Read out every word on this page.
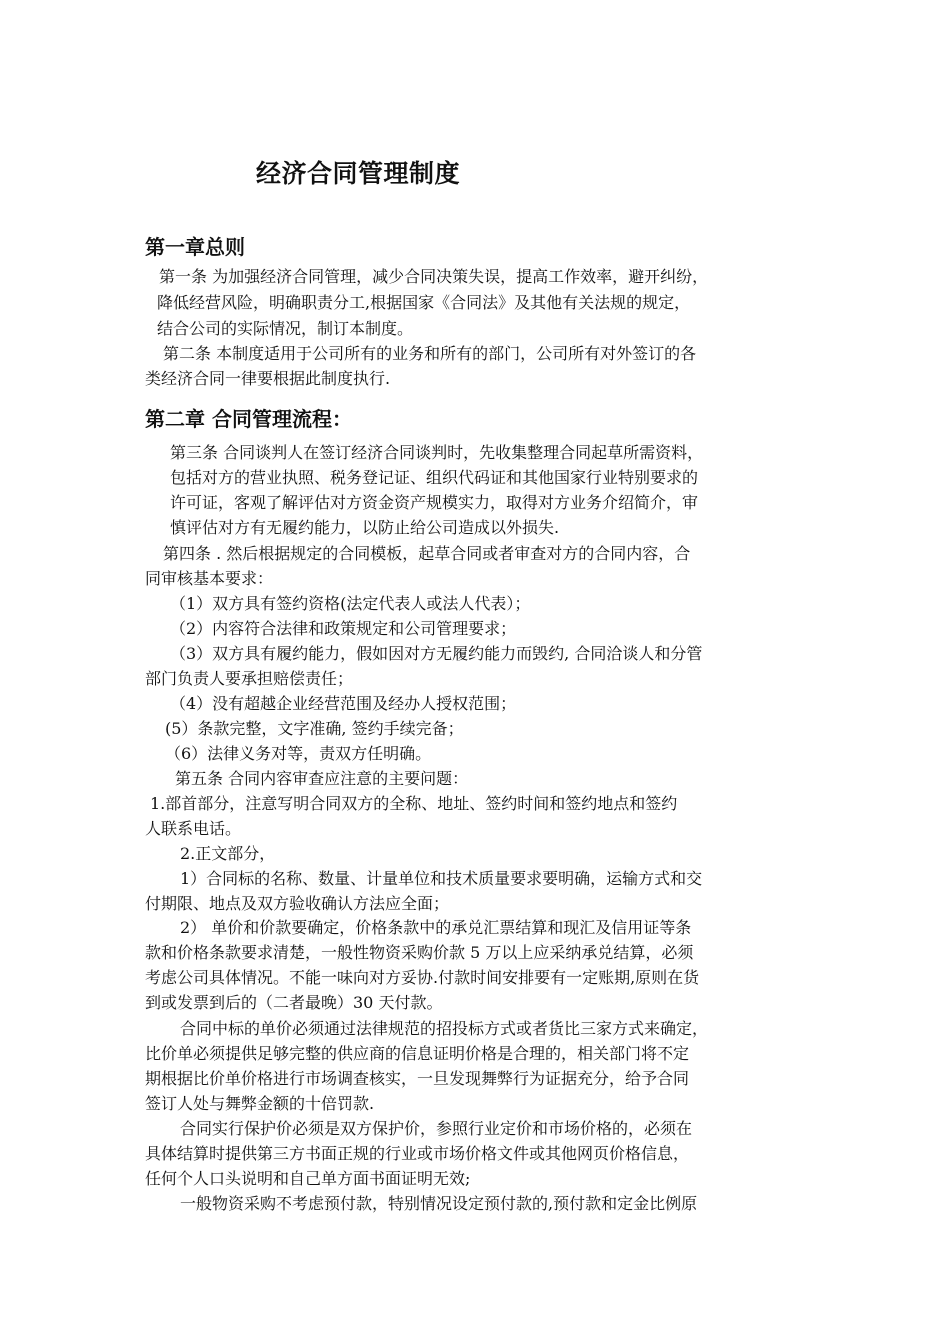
经济合同管理制度
第一章总则
第一条 为加强经济合同管理，减少合同决策失误，提高工作效率，避开纠纷，
降低经营风险，明确职责分工,根据国家《合同法》及其他有关法规的规定，
结合公司的实际情况，制订本制度。
第二条 本制度适用于公司所有的业务和所有的部门，公司所有对外签订的各
类经济合同一律要根据此制度执行.
第二章 合同管理流程：
第三条 合同谈判人在签订经济合同谈判时，先收集整理合同起草所需资料，
包括对方的营业执照、税务登记证、组织代码证和其他国家行业特别要求的
许可证，客观了解评估对方资金资产规模实力，取得对方业务介绍简介，审
慎评估对方有无履约能力，以防止给公司造成以外损失.
第四条 . 然后根据规定的合同模板，起草合同或者审查对方的合同内容，合
同审核基本要求：
（1）双方具有签约资格(法定代表人或法人代表）；
（2）内容符合法律和政策规定和公司管理要求；
（3）双方具有履约能力，假如因对方无履约能力而毁约, 合同洽谈人和分管
部门负责人要承担赔偿责任；
（4）没有超越企业经营范围及经办人授权范围；
(5）条款完整，文字准确, 签约手续完备；
（6）法律义务对等，责双方任明确。
第五条 合同内容审查应注意的主要问题：
1.部首部分，注意写明合同双方的全称、地址、签约时间和签约地点和签约
人联系电话。
2.正文部分，
1）合同标的名称、数量、计量单位和技术质量要求要明确，运输方式和交
付期限、地点及双方验收确认方法应全面；
2） 单价和价款要确定，价格条款中的承兑汇票结算和现汇及信用证等条
款和价格条款要求清楚，一般性物资采购价款 5 万以上应采纳承兑结算，必须
考虑公司具体情况。不能一味向对方妥协.付款时间安排要有一定账期,原则在货
到或发票到后的（二者最晚）30 天付款。
合同中标的单价必须通过法律规范的招投标方式或者货比三家方式来确定，
比价单必须提供足够完整的供应商的信息证明价格是合理的，相关部门将不定
期根据比价单价格进行市场调查核实，一旦发现舞弊行为证据充分，给予合同
签订人处与舞弊金额的十倍罚款.
合同实行保护价必须是双方保护价，参照行业定价和市场价格的，必须在
具体结算时提供第三方书面正规的行业或市场价格文件或其他网页价格信息，
任何个人口头说明和自己单方面书面证明无效;
一般物资采购不考虑预付款，特别情况设定预付款的,预付款和定金比例原
